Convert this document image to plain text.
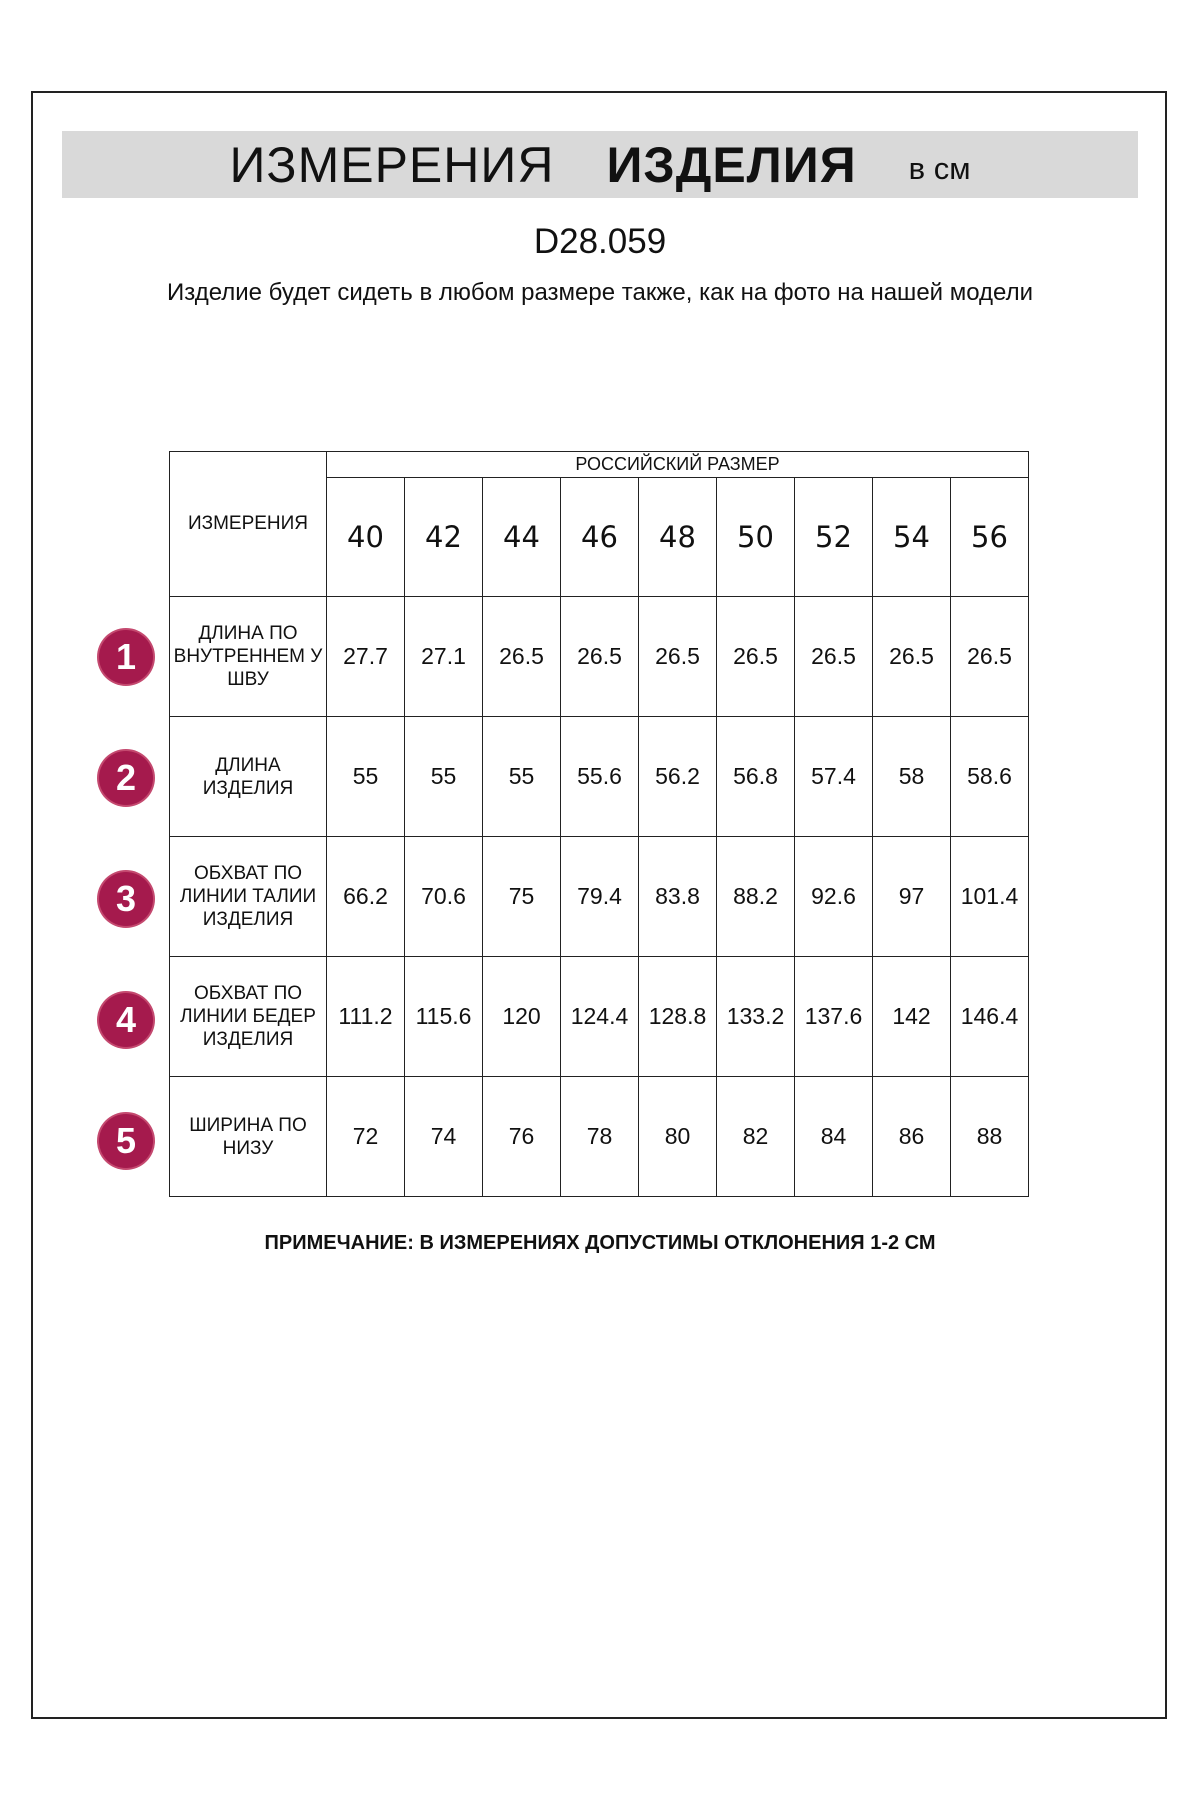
ИЗМЕРЕНИЯ ИЗДЕЛИЯ в см
D28.059
Изделие будет сидеть в любом размере также, как на фото на нашей модели
ИЗМЕРЕНИЯ	РОССИЙСКИЙ РАЗМЕР								
	40	42	44	46	48	50	52	54	56
ДЛИНА ПО ВНУТРЕННЕМ У ШВУ	27.7	27.1	26.5	26.5	26.5	26.5	26.5	26.5	26.5
ДЛИНА ИЗДЕЛИЯ	55	55	55	55.6	56.2	56.8	57.4	58	58.6
ОБХВАТ ПО ЛИНИИ ТАЛИИ ИЗДЕЛИЯ	66.2	70.6	75	79.4	83.8	88.2	92.6	97	101.4
ОБХВАТ ПО ЛИНИИ БЕДЕР ИЗДЕЛИЯ	111.2	115.6	120	124.4	128.8	133.2	137.6	142	146.4
ШИРИНА ПО НИЗУ	72	74	76	78	80	82	84	86	88
1
2
3
4
5
ПРИМЕЧАНИЕ: В ИЗМЕРЕНИЯХ ДОПУСТИМЫ ОТКЛОНЕНИЯ 1-2 СМ
